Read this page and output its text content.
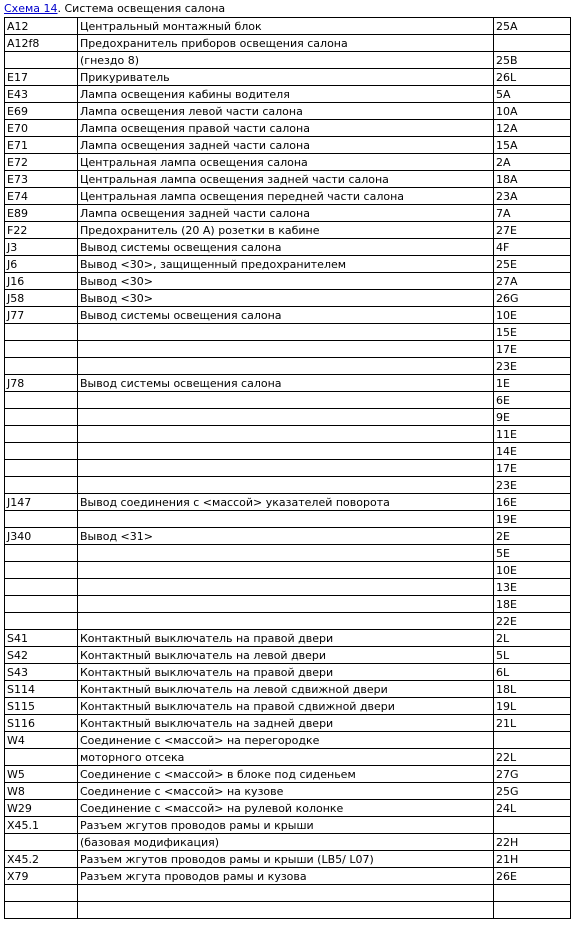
Схема 14. Система освещения салона
A12	Центральный монтажный блок	25A
A12f8	Предохранитель приборов освещения салона	
	(гнездо 8)	25B
E17	Прикуриватель	26L
E43	Лампа освещения кабины водителя	5A
E69	Лампа освещения левой части салона	10A
E70	Лампа освещения правой части салона	12A
E71	Лампа освещения задней части салона	15A
E72	Центральная лампа освещения салона	2A
E73	Центральная лампа освещения задней части салона	18A
E74	Центральная лампа освещения передней части салона	23A
E89	Лампа освещения задней части салона	7A
F22	Предохранитель (20 А) розетки в кабине	27E
J3	Вывод системы освещения салона	4F
J6	Вывод <30>, защищенный предохранителем	25E
J16	Вывод <30>	27A
J58	Вывод <30>	26G
J77	Вывод системы освещения салона	10E
		15E
		17E
		23E
J78	Вывод системы освещения салона	1E
		6E
		9E
		11E
		14E
		17E
		23E
J147	Вывод соединения с <массой> указателей поворота	16E
		19E
J340	Вывод <31>	2E
		5E
		10E
		13E
		18E
		22E
S41	Контактный выключатель на правой двери	2L
S42	Контактный выключатель на левой двери	5L
S43	Контактный выключатель на правой двери	6L
S114	Контактный выключатель на левой сдвижной двери	18L
S115	Контактный выключатель на правой сдвижной двери	19L
S116	Контактный выключатель на задней двери	21L
W4	Соединение с <массой> на перегородке	
	моторного отсека	22L
W5	Соединение с <массой> в блоке под сиденьем	27G
W8	Соединение с <массой> на кузове	25G
W29	Соединение с <массой> на рулевой колонке	24L
X45.1	Разъем жгутов проводов рамы и крыши	
	(базовая модификация)	22H
X45.2	Разъем жгутов проводов рамы и крыши (LB5/ L07)	21H
X79	Разъем жгута проводов рамы и кузова	26E
